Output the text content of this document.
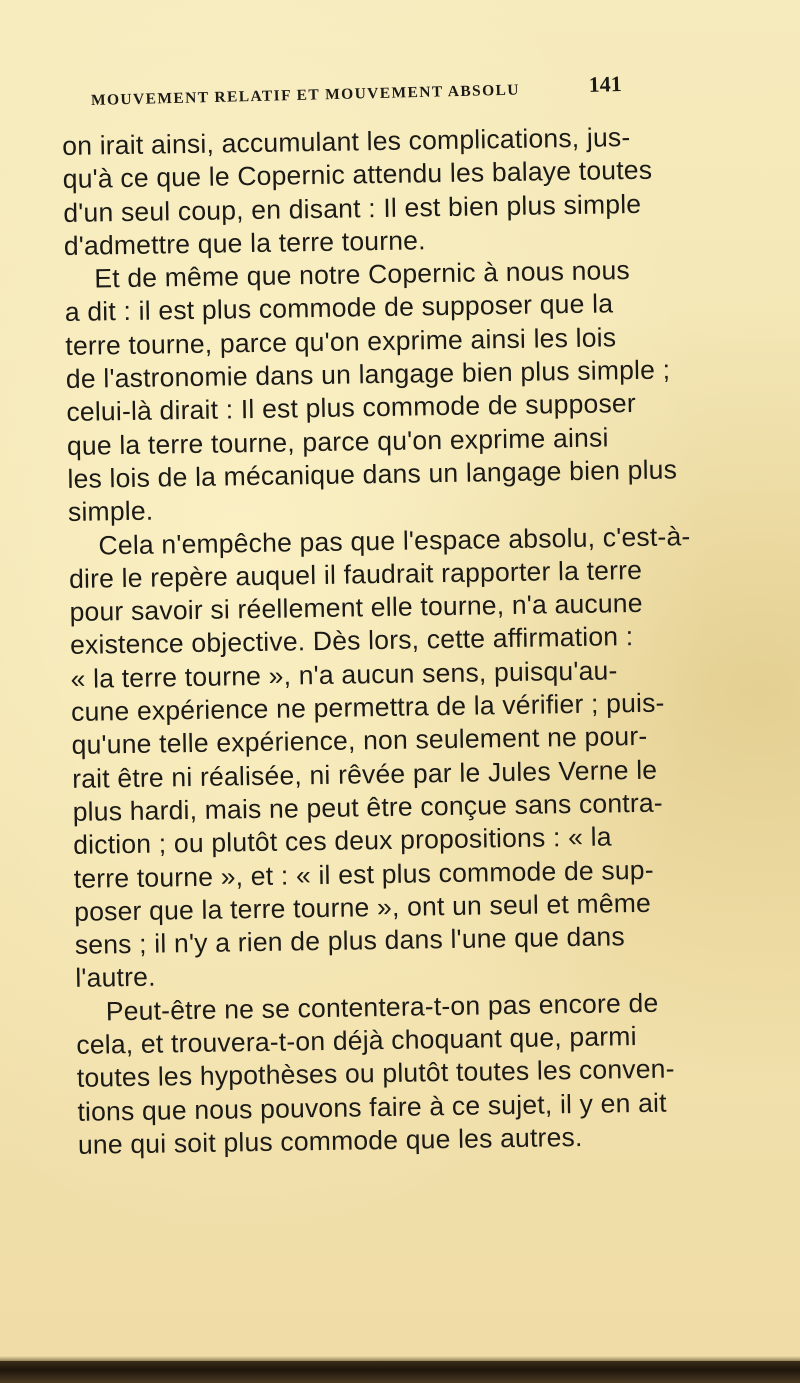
MOUVEMENT RELATIF ET MOUVEMENT ABSOLU	141
on irait ainsi, accumulant les complications, jus-
qu'à ce que le Copernic attendu les balaye toutes
d'un seul coup, en disant : Il est bien plus simple
d'admettre que la terre tourne.
Et de même que notre Copernic à nous nous
a dit : il est plus commode de supposer que la
terre tourne, parce qu'on exprime ainsi les lois
de l'astronomie dans un langage bien plus simple ;
celui-là dirait : Il est plus commode de supposer
que la terre tourne, parce qu'on exprime ainsi
les lois de la mécanique dans un langage bien plus
simple.
Cela n'empêche pas que l'espace absolu, c'est-à-
dire le repère auquel il faudrait rapporter la terre
pour savoir si réellement elle tourne, n'a aucune
existence objective. Dès lors, cette affirmation :
« la terre tourne », n'a aucun sens, puisqu'au-
cune expérience ne permettra de la vérifier ; puis-
qu'une telle expérience, non seulement ne pour-
rait être ni réalisée, ni rêvée par le Jules Verne le
plus hardi, mais ne peut être conçue sans contra-
diction ; ou plutôt ces deux propositions : « la
terre tourne », et : « il est plus commode de sup-
poser que la terre tourne », ont un seul et même
sens ; il n'y a rien de plus dans l'une que dans
l'autre.
Peut-être ne se contentera-t-on pas encore de
cela, et trouvera-t-on déjà choquant que, parmi
toutes les hypothèses ou plutôt toutes les conven-
tions que nous pouvons faire à ce sujet, il y en ait
une qui soit plus commode que les autres.
